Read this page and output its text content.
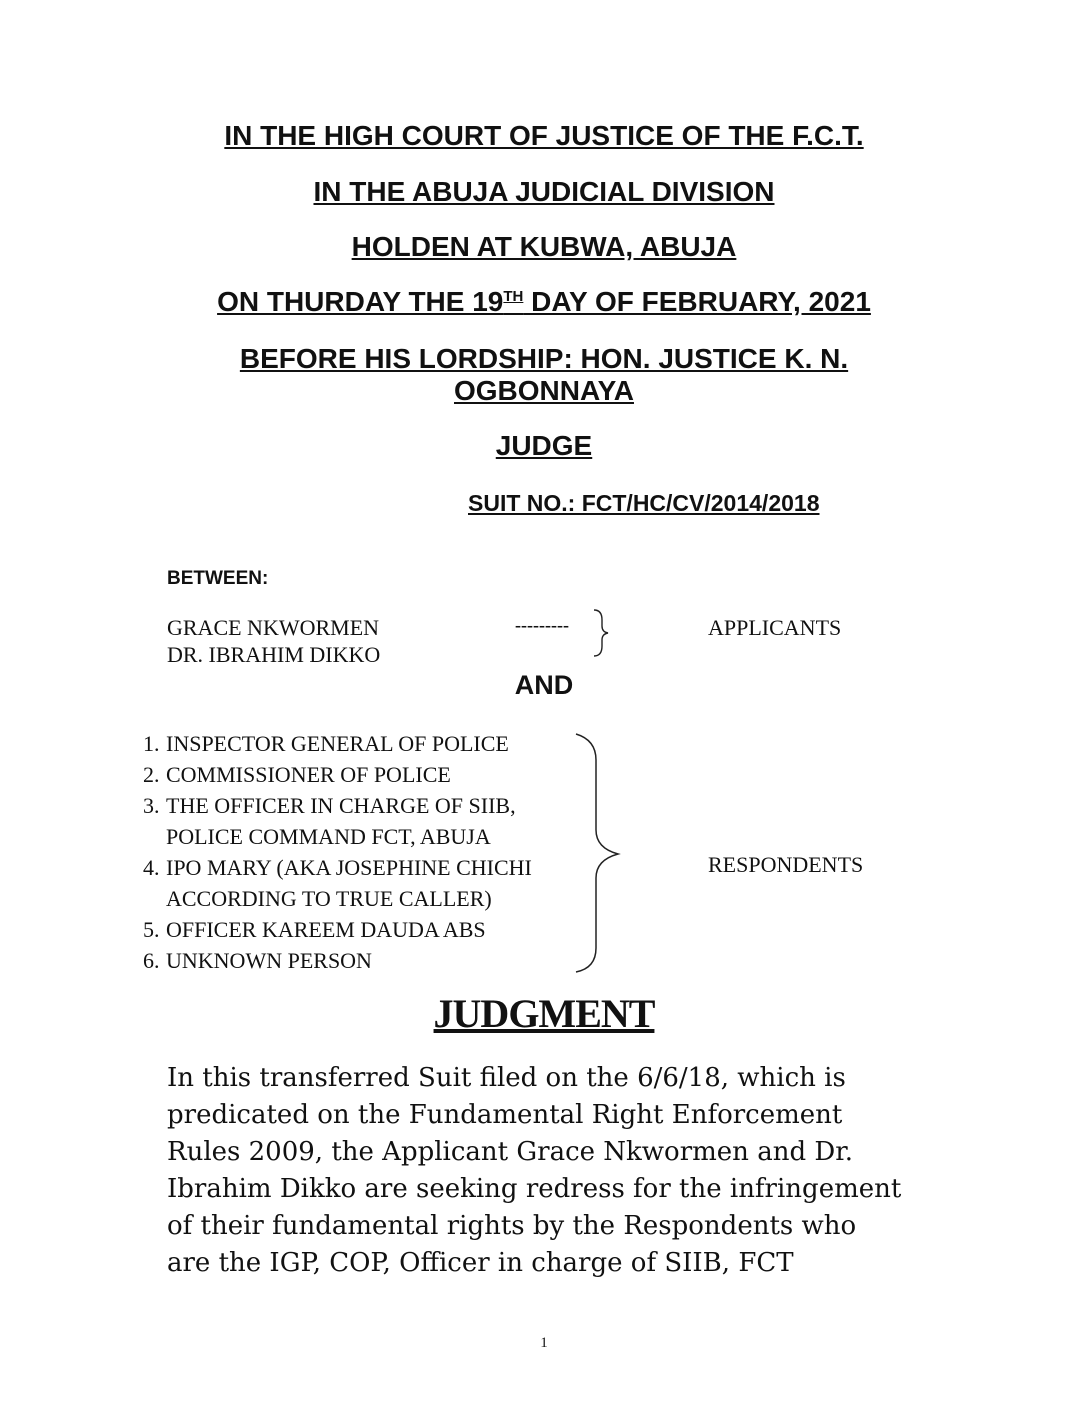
IN THE HIGH COURT OF JUSTICE OF THE F.C.T.
IN THE ABUJA JUDICIAL DIVISION
HOLDEN AT KUBWA, ABUJA
ON THURDAY THE 19TH DAY OF FEBRUARY, 2021
BEFORE HIS LORDSHIP: HON. JUSTICE K. N. OGBONNAYA
JUDGE
SUIT NO.: FCT/HC/CV/2014/2018
BETWEEN:
GRACE NKWORMEN
DR. IBRAHIM DIKKO
---------	APPLICANTS
AND
1. INSPECTOR GENERAL OF POLICE
2. COMMISSIONER OF POLICE
3. THE OFFICER IN CHARGE OF SIIB,
POLICE COMMAND FCT, ABUJA
4. IPO MARY (AKA JOSEPHINE CHICHI
ACCORDING TO TRUE CALLER)
5. OFFICER KAREEM DAUDA ABS
6. UNKNOWN PERSON
RESPONDENTS
JUDGMENT

In this transferred Suit filed on the 6/6/18, which is
predicated on the Fundamental Right Enforcement
Rules 2009, the Applicant Grace Nkwormen and Dr.
Ibrahim Dikko are seeking redress for the infringement
of their fundamental rights by the Respondents who
are the IGP, COP, Officer in charge of SIIB, FCT

1
